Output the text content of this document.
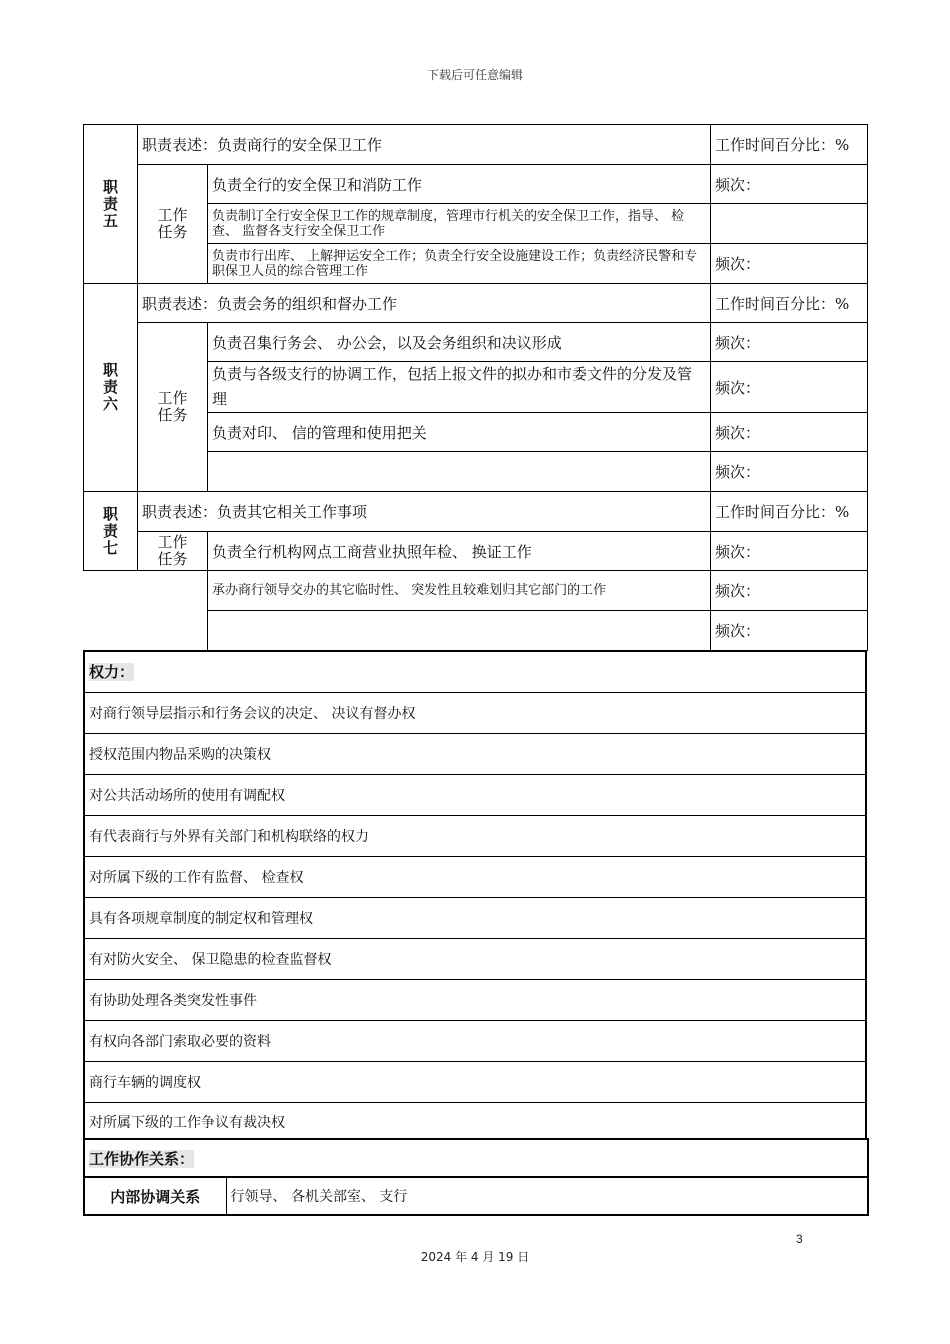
下载后可任意编辑
职
责
五	职责表述：负责商行的安全保卫工作		工作时间百分比：%

	工作
任务	负责全行的安全保卫和消防工作	频次：
		负责制订全行安全保卫工作的规章制度，管理市行机关的安全保卫工作，指导、 检查、 监督各支行安全保卫工作	
		负责市行出库、 上解押运安全工作；负责全行安全设施建设工作；负责经济民警和专职保卫人员的综合管理工作	频次：

职
责
六	职责表述：负责会务的组织和督办工作		工作时间百分比：%

	工作
任务	负责召集行务会、 办公会，以及会务组织和决议形成	频次：
		负责与各级支行的协调工作，包括上报文件的拟办和市委文件的分发及管理	频次：
		负责对印、 信的管理和使用把关	频次：
			频次：

职
责
七	职责表述：负责其它相关工作事项		工作时间百分比：%

	工作
任务	负责全行机构网点工商营业执照年检、 换证工作	频次：
		承办商行领导交办的其它临时性、 突发性且较难划归其它部门的工作	频次：
			频次：
权力：
对商行领导层指示和行务会议的决定、 决议有督办权
授权范围内物品采购的决策权
对公共活动场所的使用有调配权
有代表商行与外界有关部门和机构联络的权力
对所属下级的工作有监督、 检查权
具有各项规章制度的制定权和管理权
有对防火安全、 保卫隐患的检查监督权
有协助处理各类突发性事件
有权向各部门索取必要的资料
商行车辆的调度权
对所属下级的工作争议有裁决权
工作协作关系：
内部协调关系	行领导、 各机关部室、 支行
3
2024 年 4 月 19 日
